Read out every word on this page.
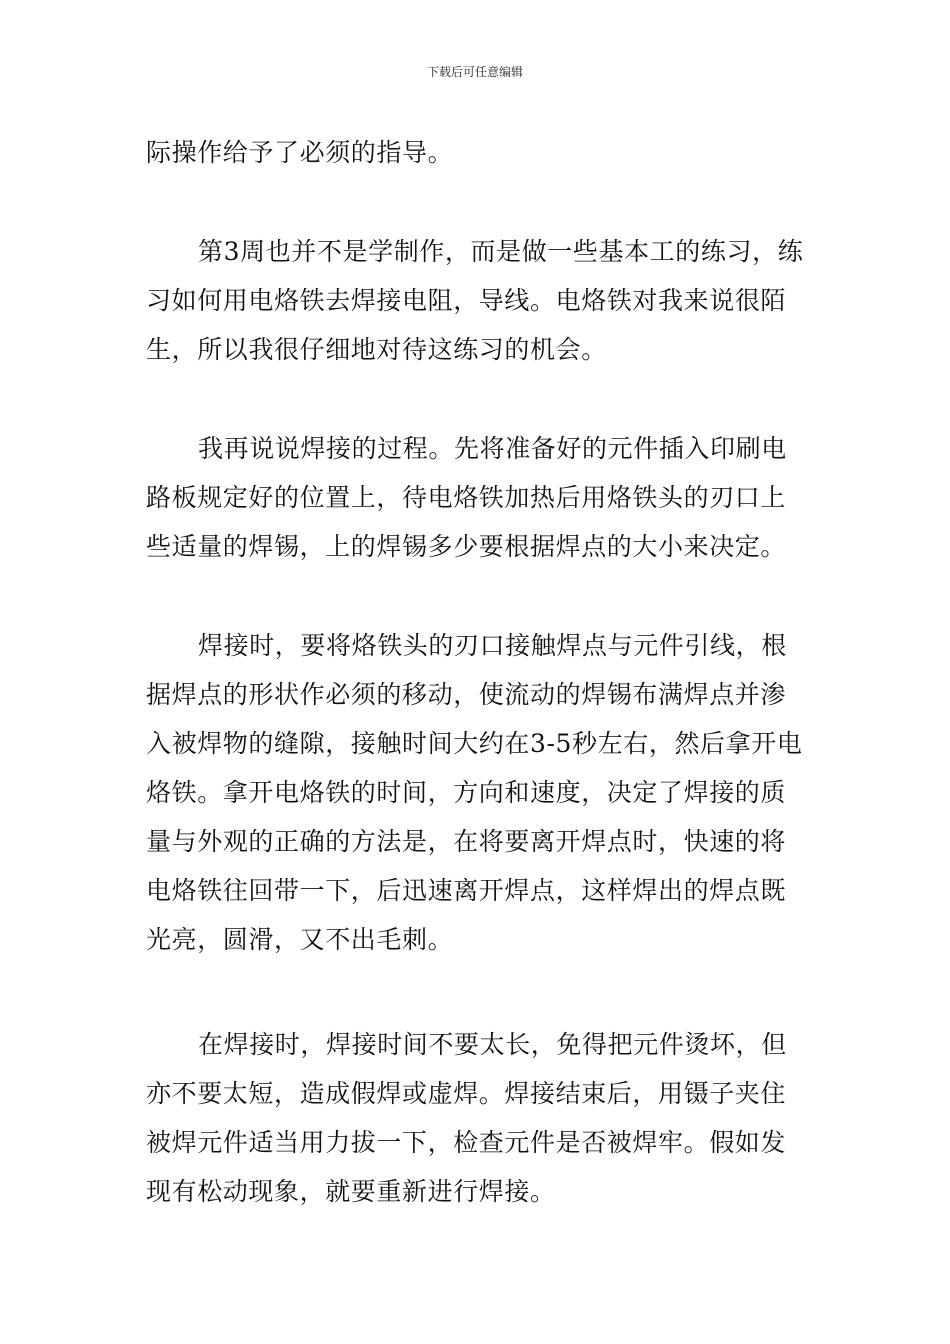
下载后可任意编辑

际操作给予了必须的指导。

第3周也并不是学制作，而是做一些基本工的练习，练习如何用电烙铁去焊接电阻，导线。电烙铁对我来说很陌生，所以我很仔细地对待这练习的机会。

我再说说焊接的过程。先将准备好的元件插入印刷电路板规定好的位置上，待电烙铁加热后用烙铁头的刃口上些适量的焊锡，上的焊锡多少要根据焊点的大小来决定。

焊接时，要将烙铁头的刃口接触焊点与元件引线，根据焊点的形状作必须的移动，使流动的焊锡布满焊点并渗入被焊物的缝隙，接触时间大约在3-5秒左右，然后拿开电烙铁。拿开电烙铁的时间，方向和速度，决定了焊接的质量与外观的正确的方法是，在将要离开焊点时，快速的将电烙铁往回带一下，后迅速离开焊点，这样焊出的焊点既光亮，圆滑，又不出毛刺。

在焊接时，焊接时间不要太长，免得把元件烫坏，但亦不要太短，造成假焊或虚焊。焊接结束后，用镊子夹住被焊元件适当用力拔一下，检查元件是否被焊牢。假如发现有松动现象，就要重新进行焊接。
